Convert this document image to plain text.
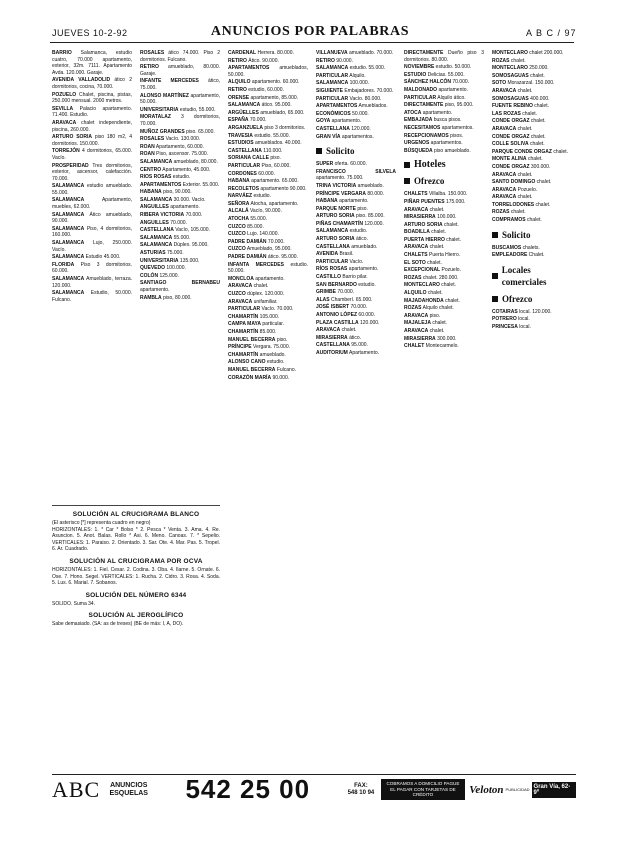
JUEVES 10-2-92	ANUNCIOS POR PALABRAS	A B C / 97

BARRIO Salamanca, estudio cuatro, 70.000 apartamento, exterior, 32m. 7111. Apartamento Avda. 120.000. Garaje.

AVENIDA VALLADOLID ático 2 dormitorios, cocina, 70.000.

POZUELO Chalet, piscina, pistas, 250.000 mensual. 2000 metros.

SEVILLA Palacio apartamento. 71.400. Estudio.

ARAVACA chalet independiente, piscina, 260.000.

ARTURO SORIA piso 180 m2, 4 dormitorios. 150.000.

TORREJÓN 4 dormitorios, 65.000. Vacío.

PROSPERIDAD Tres dormitorios, exterior, ascensor, calefacción. 70.000.

SALAMANCA estudio amueblado. 55.000.

SALAMANCA	Apartamento, muebles, 62.000.

SALAMANCA Ático amueblado, 90.000.

SALAMANCA Piso, 4 dormitorios, 160.000.

SALAMANCA Lujo, 250.000. Vacío.

SALAMANCA Estudio 45.000.

FLORIDA Piso 3 dormitorios. 60.000.

SALAMANCA Amueblado, terraza. 120.000.

SALAMANCA Estudio, 50.000. Fulcano.

ROSALES ático 74.000. Piso 2 dormitorios. Fulcano.

RETIRO amueblado, 80.000. Garaje.

INFANTE MERCEDES ático, 75.000.

ALONSO MARTÍNEZ apartamento, 50.000.

UNIVERSITARIA estudio, 55.000.

MORATALAZ 3 dormitorios, 70.000.

MUÑOZ GRANDES piso. 65.000.

ROSALES Vacío. 130.000.

ROAN Apartamento, 60.000.

ROAN Piso, ascensor. 75.000.

SALAMANCA amueblado, 80.000.

CENTRO Apartamento, 45.000.

RIOS ROSAS estudio.

APARTAMENTOS Exterior. 55.000.

HABANA piso, 90.000.

SALAMANCA 30.000. Vacío.

ANGUILLES apartamento.

RIBERA VICTORIA 70.000.

ANGUILLES 70.000.

CASTELLANA Vacío, 105.000.

SALAMANCA 55.000.

SALAMANCA Dúplex. 95.000.

ASTURIAS 75.000.

UNIVERSITARIA 135.000.

QUEVEDO 100.000.

COLÓN 125.000.

SANTIAGO BERNABEU apartamento.

RAMBLA piso, 80.000.

CARDENAL Herrera. 80.000.

RETIRO Ático. 90.000.

APARTAMENTOS amueblados, 50.000.

ALQUILO apartamento. 60.000.

RETIRO estudio, 60.000.

ORENSE apartamento, 85.000.

SALAMANCA ático. 95.000.

ARGÜELLES amueblado, 65.000.

ESPAÑA 70.000.

ARGANZUELA piso 3 dormitorios.

TRAVESIA estudio. 55.000.

ESTUDIOS amueblados. 40.000.

CASTELLANA 110.000.

SORIANA CALLE piso.

PARTICULAR Piso, 60.000.

CORDONES 60.000.

HABANA apartamento. 65.000.

RECOLETOS apartamento 90.000.

NARVÁEZ estudio.

SEÑORA Atocha, apartamento.

ALCALÁ Vacío, 90.000.

ATOCHA 55.000.

CUZCO 85.000.

CUZCO Lujo. 140.000.

PADRE DAMIÁN 70.000.

CUZCO Amueblado, 95.000.

PADRE DAMIÁN ático. 95.000.

INFANTA MERCEDES estudio. 50.000.

MONCLOA apartamento.

ARAVACA chalet.

CUZCO dúplex. 120.000.

ARAVACA unifamiliar.

PARTICULAR Vacío. 70.000.

CHAMARTÍN 105.000.

CAMPA MAYA particular.

CHAMARTÍN 85.000.

MANUEL BECERRA piso.

PRÍNCIPE Vergara. 75.000.

CHAMARTÍN amueblado.

ALONSO CANO estudio.

MANUEL BECERRA Fulcano.

CORAZÓN MARÍA 90.000.

VILLANUEVA amueblado. 70.000.

RETIRO 90.000.

SALAMANCA estudio. 55.000.

PARTICULAR Alquilo.

SALAMANCA 100.000.

SIGUIENTE Embajadores. 70.000.

PARTICULAR Vacío. 80.000.

APARTAMENTOS Amueblados.

ECONÓMICOS 50.000.

GOYA apartamento.

CASTELLANA 120.000.

GRAN VÍA apartamentos.

Solicito

SUPER oferta. 60.000.

FRANCISCO SILVELA apartamento. 75.000.

TRINA VICTORIA amueblado.

PRÍNCIPE VERGARA 80.000.

HABANA apartamento.

PARQUE NORTE piso.

ARTURO SORIA piso. 85.000.

PIÑAS CHAMARTÍN 120.000.

SALAMANCA estudio.

ARTURO SORIA ático.

CASTELLANA amueblado.

AVENIDA Brasil.

PARTICULAR Vacío.

RÍOS ROSAS apartamento.

CASTILLO Barrio pilar.

SAN BERNARDO estudio.

GRIMBE 70.000.

ALAS Chamberí. 65.000.

JOSÉ ISBERT 70.000.

ANTONIO LÓPEZ 60.000.

PLAZA CASTILLA 120.000.

ARAVACA chalet.

MIRASIERRA ático.

CASTELLANA 95.000.

AUDITORIUM Apartamento.

DIRECTAMENTE Dueño piso 3 dormitorios. 80.000.

NOVIEMBRE estudio. 50.000.

ESTUDIO Delicias. 55.000.

SÁNCHEZ HALCÓN 70.000.

MALDONADO apartamento.

PARTICULAR Alquilo ático.

DIRECTAMENTE piso, 95.000.

ATOCA apartamento.

EMBAJADA busca pisos.

NECESITAMOS apartamentos.

RECEPCIONAMOS pisos.

URGENOS apartamentos.

BÚSQUEDA piso amueblado.

Hoteles
Ofrezco

CHALETS Villalba. 150.000.

PIÑAR PUENTES 175.000.

ARAVACA chalet.

MIRASIERRA 100.000.

ARTURO SORIA chalet.

BOADILLA chalet.

PUERTA HIERRO chalet.

ARAVACA chalet.

CHALETS Puerta Hierro.

EL SOTO chalet.

EXCEPCIONAL Pozuelo.

ROZAS chalet. 280.000.

MONTECLARO chalet.

ALQUILO chalet.

MAJADAHONDA chalet.

ROZAS Alquilo chalet.

ARAVACA piso.

MAJALEJA chalet.

ARAVACA chalet.

MIRASIERRA 300.000.

CHALET Montecarmelo.

MONTECLARO chalet 200.000.

ROZAS chalet.

MONTECLARO 250.000.

SOMOSAGUAS chalet.

SOTO Morazarzal. 150.000.

ARAVACA chalet.

SOMOSAGUAS 400.000.

FUENTE REBINO chalet.

LAS ROZAS chalet.

CONDE ORGAZ chalet.

ARAVACA chalet.

CONDE ORGAZ chalet.

COLLE SOLIVA chalet.

PARQUE CONDE ORGAZ chalet.

MONTE ALINA chalet.

CONDE ORGAZ 300.000.

ARAVACA chalet.

SANTO DOMINGO chalet.

ARAVACA Pozuelo.

ARAVACA chalet.

TORRELODONES chalet.

ROZAS chalet.

COMPRAMOS chalet.

Solicito

BUSCAMOS chalets.

EMPLEADORE Chalet.

Locales comerciales
Ofrezco

COTAIRAS local. 120.000.

POTRERO local.

PRINCESA local.

SOLUCIÓN AL CRUCIGRAMA BLANCO
(El asterisco [*] representa cuadro en negro)
HORIZONTALES: 1. * Car * Bolso * 2. Pesca * Venta. 3. Ama. 4. Re. Asuncion. 5. Anot. Balas. Rollo * Asi. 6. Meno. Canoas. 7. * Sepelio. VERTICALES: 1. Paraiso. 2. Orientado. 3. Sar. Ote. 4. Mar. Pas. 5. Tropel. 6. Ar. Cuadrado.
SOLUCIÓN AL CRUCIGRAMA POR OCVA
HORIZONTALES: 1. Fiel. Cesar. 2. Codina. 3. Oba. 4. Ilarne. 5. Ornate. 6. Ose. 7. Hono. Segel. VERTICALES: 1. Rucha. 2. Cidro. 3. Rosa. 4. Soda. 5. Lus. 6. Marial. 7. Sobanos.
SOLUCIÓN DEL NÚMERO 6344
SOLIDO. Suma 34.
SOLUCIÓN AL JEROGLÍFICO
Sabe demasiado. (SA: as de treses) (BE de más: I, A, DO).
ABC	ANUNCIOS ESQUELAS	542 25 00	FAX:
548 10 94
COBRAMOS A DOMICILIO PAGUE EL PAGAR CON TARJETAS DE CRÉDITO	Veloton PUBLICIDAD Gran Vía, 62-9º
